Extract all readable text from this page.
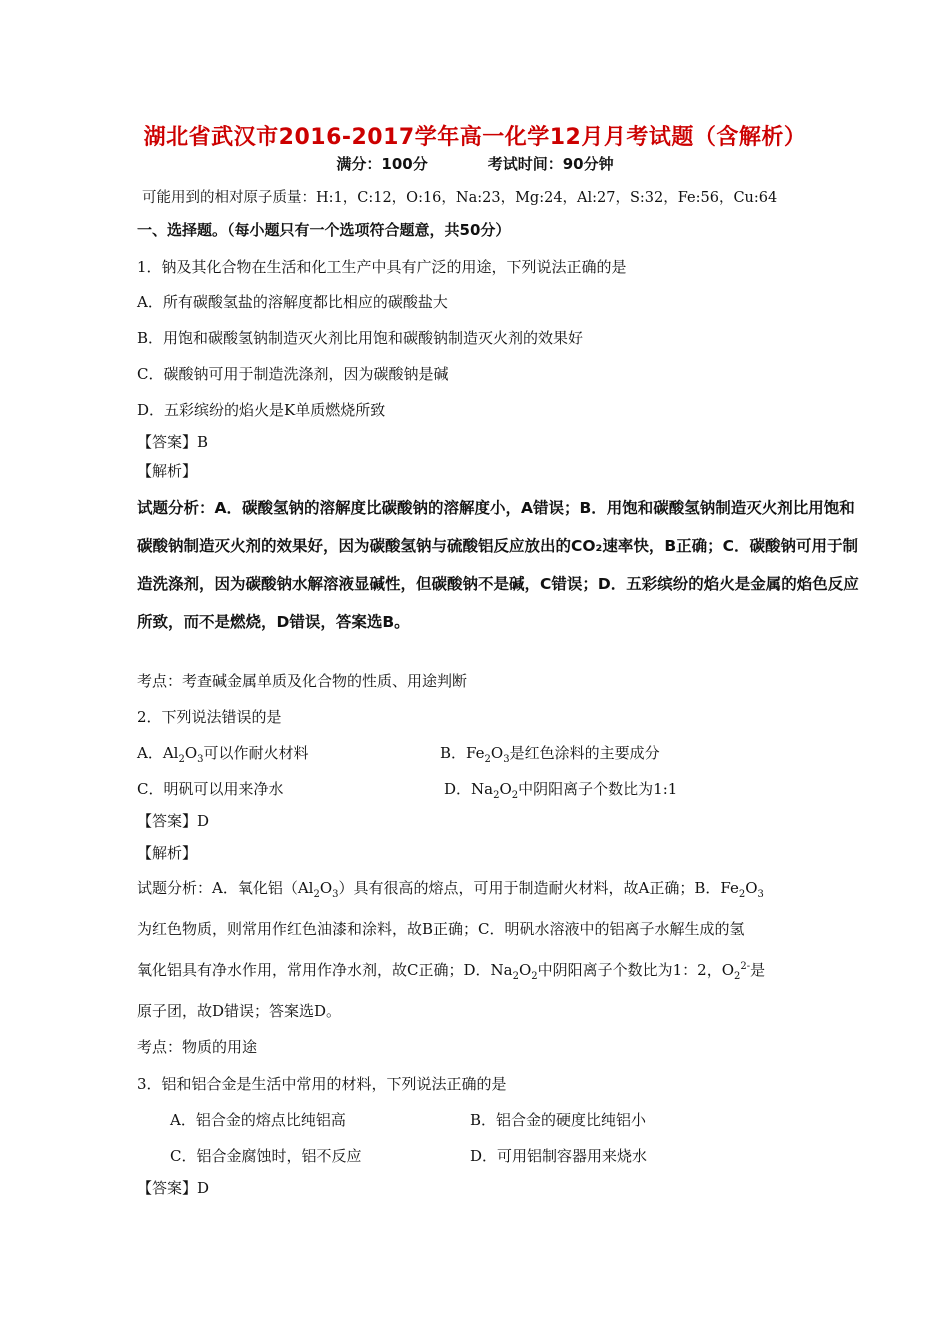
湖北省武汉市2016-2017学年高一化学12月月考试题（含解析）
满分：100分	考试时间：90分钟
可能用到的相对原子质量：H:1，C:12，O:16，Na:23，Mg:24，Al:27，S:32，Fe:56，Cu:64
一、选择题。（每小题只有一个选项符合题意，共50分）
1．钠及其化合物在生活和化工生产中具有广泛的用途，下列说法正确的是
A．所有碳酸氢盐的溶解度都比相应的碳酸盐大
B．用饱和碳酸氢钠制造灭火剂比用饱和碳酸钠制造灭火剂的效果好
C．碳酸钠可用于制造洗涤剂，因为碳酸钠是碱
D．五彩缤纷的焰火是K单质燃烧所致
【答案】B
【解析】
试题分析：A．碳酸氢钠的溶解度比碳酸钠的溶解度小，A错误；B．用饱和碳酸氢钠制造灭火剂比用饱和
碳酸钠制造灭火剂的效果好，因为碳酸氢钠与硫酸铝反应放出的CO₂速率快，B正确；C．碳酸钠可用于制
造洗涤剂，因为碳酸钠水解溶液显碱性，但碳酸钠不是碱，C错误；D．五彩缤纷的焰火是金属的焰色反应
所致，而不是燃烧，D错误，答案选B。
考点：考查碱金属单质及化合物的性质、用途判断
2．下列说法错误的是
A．$Al_2O_3$可以作耐火材料	B．$Fe_2O_3$是红色涂料的主要成分
C．明矾可以用来净水	D．$Na_2O_2$中阴阳离子个数比为1:1
【答案】D
【解析】
试题分析：A．氧化铝$(Al_2O_3)$具有很高的熔点，可用于制造耐火材料，故A正确；B．$Fe_2O_3$
为红色物质，则常用作红色油漆和涂料，故B正确；C．明矾水溶液中的铝离子水解生成的氢
氧化铝具有净水作用，常用作净水剂，故C正确；D．$Na_2O_2$中阴阳离子个数比为1：2，$O_2^{2-}$是
原子团，故D错误；答案选D。
考点：物质的用途
3．铝和铝合金是生活中常用的材料，下列说法正确的是
A．铝合金的熔点比纯铝高	B．铝合金的硬度比纯铝小
C．铝合金腐蚀时，铝不反应	D．可用铝制容器用来烧水
【答案】D
